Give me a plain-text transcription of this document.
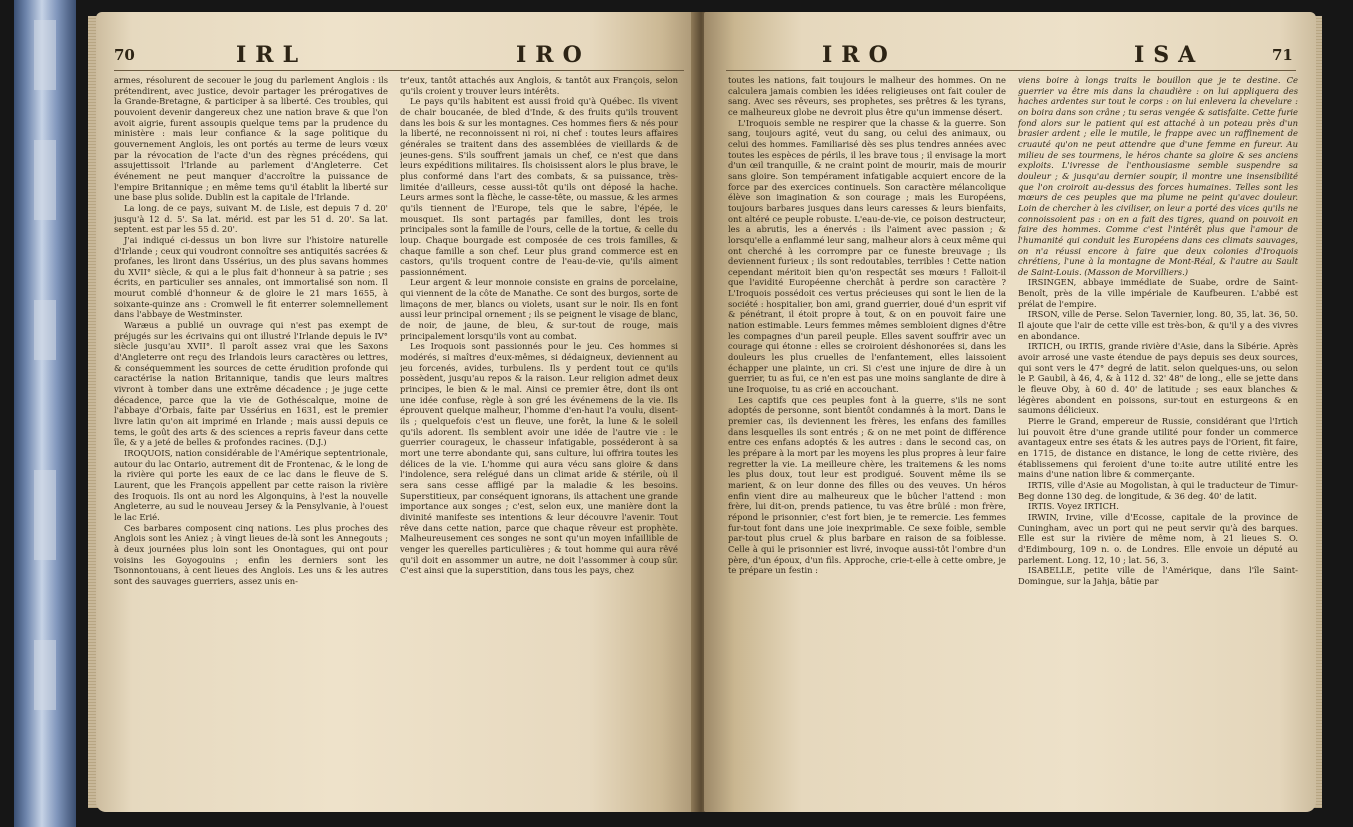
70	IRL	IRO

armes, résolurent de secouer le joug du parlement Anglois : ils prétendirent, avec justice, devoir partager les prérogatives de la Grande-Bretagne, & participer à sa liberté. Ces troubles, qui pouvoient devenir dangereux chez une nation brave & que l'on avoit aigrie, furent assoupis quelque tems par la prudence du ministère : mais leur confiance & la sage politique du gouvernement Anglois, les ont portés au terme de leurs vœux par la révocation de l'acte d'un des règnes précédens, qui assujettissoit l'Irlande au parlement d'Angleterre. Cet événement ne peut manquer d'accroître la puissance de l'empire Britannique ; en même tems qu'il établit la liberté sur une base plus solide. Dublin est la capitale de l'Irlande.

La long. de ce pays, suivant M. de Lisle, est depuis 7 d. 20' jusqu'à 12 d. 5'. Sa lat. mérid. est par les 51 d. 20'. Sa lat. septent. est par les 55 d. 20'.

J'ai indiqué ci-dessus un bon livre sur l'histoire naturelle d'Irlande ; ceux qui voudront connoître ses antiquités sacrées & profanes, les liront dans Ussérius, un des plus savans hommes du XVII° siècle, & qui a le plus fait d'honneur à sa patrie ; ses écrits, en particulier ses annales, ont immortalisé son nom. Il mourut comblé d'honneur & de gloire le 21 mars 1655, à soixante-quinze ans : Cromwell le fit enterrer solemnellement dans l'abbaye de Westminster.

Waræus a publié un ouvrage qui n'est pas exempt de préjugés sur les écrivains qui ont illustré l'Irlande depuis le IV° siècle jusqu'au XVII°. Il paroît assez vrai que les Saxons d'Angleterre ont reçu des Irlandois leurs caractères ou lettres, & conséquemment les sources de cette érudition profonde qui caractérise la nation Britannique, tandis que leurs maîtres vivront à tomber dans une extrême décadence ; je juge cette décadence, parce que la vie de Gothéscalque, moine de l'abbaye d'Orbais, faite par Ussérius en 1631, est le premier livre latin qu'on ait imprimé en Irlande ; mais aussi depuis ce tems, le goût des arts & des sciences a repris faveur dans cette île, & y a jeté de belles & profondes racines. (D.J.)

IROQUOIS, nation considérable de l'Amérique septentrionale, autour du lac Ontario, autrement dit de Frontenac, & le long de la rivière qui porte les eaux de ce lac dans le fleuve de S. Laurent, que les François appellent par cette raison la rivière des Iroquois. Ils ont au nord les Algonquins, à l'est la nouvelle Angleterre, au sud le nouveau Jersey & la Pensylvanie, à l'ouest le lac Erié.

Ces barbares composent cinq nations. Les plus proches des Anglois sont les Aniez ; à vingt lieues de-là sont les Annegouts ; à deux journées plus loin sont les Onontagues, qui ont pour voisins les Goyogouins ; enfin les derniers sont les Tsonnontouans, à cent lieues des Anglois. Les uns & les autres sont des sauvages guerriers, assez unis en-

tr'eux, tantôt attachés aux Anglois, & tantôt aux François, selon qu'ils croient y trouver leurs intérêts.

Le pays qu'ils habitent est aussi froid qu'à Québec. Ils vivent de chair boucanée, de bled d'Inde, & des fruits qu'ils trouvent dans les bois & sur les montagnes. Ces hommes fiers & nés pour la liberté, ne reconnoissent ni roi, ni chef : toutes leurs affaires générales se traitent dans des assemblées de vieillards & de jeunes-gens. S'ils souffrent jamais un chef, ce n'est que dans leurs expéditions militaires. Ils choisissent alors le plus brave, le plus conformé dans l'art des combats, & sa puissance, très-limitée d'ailleurs, cesse aussi-tôt qu'ils ont déposé la hache. Leurs armes sont la flèche, le casse-tête, ou massue, & les armes qu'ils tiennent de l'Europe, tels que le sabre, l'épée, le mousquet. Ils sont partagés par familles, dont les trois principales sont la famille de l'ours, celle de la tortue, & celle du loup. Chaque bourgade est composée de ces trois familles, & chaque famille a son chef. Leur plus grand commerce est en castors, qu'ils troquent contre de l'eau-de-vie, qu'ils aiment passionnément.

Leur argent & leur monnoie consiste en grains de porcelaine, qui viennent de la côte de Manathe. Ce sont des burgos, sorte de limaçons de mer, blancs ou violets, usant sur le noir. Ils en font aussi leur principal ornement ; ils se peignent le visage de blanc, de noir, de jaune, de bleu, & sur-tout de rouge, mais principalement lorsqu'ils vont au combat.

Les Iroquois sont passionnés pour le jeu. Ces hommes si modérés, si maîtres d'eux-mêmes, si dédaigneux, deviennent au jeu forcenés, avides, turbulens. Ils y perdent tout ce qu'ils possèdent, jusqu'au repos & la raison. Leur religion admet deux principes, le bien & le mal. Ainsi ce premier être, dont ils ont une idée confuse, règle à son gré les événemens de la vie. Ils éprouvent quelque malheur, l'homme d'en-haut l'a voulu, disent-ils ; quelquefois c'est un fleuve, une forêt, la lune & le soleil qu'ils adorent. Ils semblent avoir une idée de l'autre vie : le guerrier courageux, le chasseur infatigable, posséderont à sa mort une terre abondante qui, sans culture, lui offrira toutes les délices de la vie. L'homme qui aura vécu sans gloire & dans l'indolence, sera relégué dans un climat aride & stérile, où il sera sans cesse affligé par la maladie & les besoins. Superstitieux, par conséquent ignorans, ils attachent une grande importance aux songes ; c'est, selon eux, une manière dont la divinité manifeste ses intentions & leur découvre l'avenir. Tout rêve dans cette nation, parce que chaque rêveur est prophète. Malheureusement ces songes ne sont qu'un moyen infaillible de venger les querelles particulières ; & tout homme qui aura rêvé qu'il doit en assommer un autre, ne doit l'assommer à coup sûr. C'est ainsi que la superstition, dans tous les pays, chez

IRO	ISA	71

toutes les nations, fait toujours le malheur des hommes. On ne calculera jamais combien les idées religieuses ont fait couler de sang. Avec ses rêveurs, ses prophetes, ses prêtres & les tyrans, ce malheureux globe ne devroit plus être qu'un immense désert.

L'Iroquois semble ne respirer que la chasse & la guerre. Son sang, toujours agité, veut du sang, ou celui des animaux, ou celui des hommes. Familiarisé dès ses plus tendres années avec toutes les espèces de périls, il les brave tous ; il envisage la mort d'un œil tranquille, & ne craint point de mourir, mais de mourir sans gloire. Son tempérament infatigable acquiert encore de la force par des exercices continuels. Son caractère mélancolique élève son imagination & son courage ; mais les Européens, toujours barbares jusques dans leurs caresses & leurs bienfaits, ont altéré ce peuple robuste. L'eau-de-vie, ce poison destructeur, les a abrutis, les a énervés : ils l'aiment avec passion ; & lorsqu'elle a enflammé leur sang, malheur alors à ceux même qui ont cherché à les corrompre par ce funeste breuvage ; ils deviennent furieux ; ils sont redoutables, terribles ! Cette nation cependant méritoit bien qu'on respectât ses mœurs ! Falloit-il que l'avidité Européenne cherchât à perdre son caractère ? L'Iroquois possédoit ces vertus précieuses qui sont le lien de la société : hospitalier, bon ami, grand guerrier, doué d'un esprit vif & pénétrant, il étoit propre à tout, & on en pouvoit faire une nation estimable. Leurs femmes mêmes sembloient dignes d'être les compagnes d'un pareil peuple. Elles savent souffrir avec un courage qui étonne : elles se croiroient déshonorées si, dans les douleurs les plus cruelles de l'enfantement, elles laissoient échapper une plainte, un cri. Si c'est une injure de dire à un guerrier, tu as fui, ce n'en est pas une moins sanglante de dire à une Iroquoise, tu as crié en accouchant.

Les captifs que ces peuples font à la guerre, s'ils ne sont adoptés de personne, sont bientôt condamnés à la mort. Dans le premier cas, ils deviennent les frères, les enfans des familles dans lesquelles ils sont entrés ; & on ne met point de différence entre ces enfans adoptés & les autres : dans le second cas, on les prépare à la mort par les moyens les plus propres à leur faire regretter la vie. La meilleure chère, les traitemens & les noms les plus doux, tout leur est prodigué. Souvent même ils se marient, & on leur donne des filles ou des veuves. Un héros enfin vient dire au malheureux que le bûcher l'attend : mon frère, lui dit-on, prends patience, tu vas être brûlé : mon frère, répond le prisonnier, c'est fort bien, je te remercie. Les femmes fur-tout font dans une joie inexprimable. Ce sexe foible, semble par-tout plus cruel & plus barbare en raison de sa foiblesse. Celle à qui le prisonnier est livré, invoque aussi-tôt l'ombre d'un père, d'un époux, d'un fils. Approche, crie-t-elle à cette ombre, je te prépare un festin :

viens boire à longs traits le bouillon que je te destine. Ce guerrier va être mis dans la chaudière : on lui appliquera des haches ardentes sur tout le corps : on lui enlevera la chevelure : on boira dans son crâne ; tu seras vengée & satisfaite. Cette furie fond alors sur le patient qui est attaché à un poteau près d'un brasier ardent ; elle le mutile, le frappe avec un raffinement de cruauté qu'on ne peut attendre que d'une femme en fureur. Au milieu de ses tourmens, le héros chante sa gloire & ses anciens exploits. L'ivresse de l'enthousiasme semble suspendre sa douleur ; & jusqu'au dernier soupir, il montre une insensibilité que l'on croiroit au-dessus des forces humaines. Telles sont les mœurs de ces peuples que ma plume ne peint qu'avec douleur. Loin de chercher à les civiliser, on leur a porté des vices qu'ils ne connoissoient pas : on en a fait des tigres, quand on pouvoit en faire des hommes. Comme c'est l'intérêt plus que l'amour de l'humanité qui conduit les Européens dans ces climats sauvages, on n'a réussi encore à faire que deux colonies d'Iroquois chrétiens, l'une à la montagne de Mont-Réal, & l'autre au Sault de Saint-Louis. (Masson de Morvilliers.)

IRSINGEN, abbaye immédiate de Suabe, ordre de Saint-Benoît, près de la ville impériale de Kaufbeuren. L'abbé est prélat de l'empire.

IRSON, ville de Perse. Selon Tavernier, long. 80, 35, lat. 36, 50. Il ajoute que l'air de cette ville est très-bon, & qu'il y a des vivres en abondance.

IRTICH, ou IRTIS, grande rivière d'Asie, dans la Sibérie. Après avoir arrosé une vaste étendue de pays depuis ses deux sources, qui sont vers le 47° degré de latit. selon quelques-uns, ou selon le P. Gaubil, à 46, 4, & à 112 d. 32' 48" de long., elle se jette dans le fleuve Oby, à 60 d. 40' de latitude ; ses eaux blanches & légères abondent en poissons, sur-tout en esturgeons & en saumons délicieux.

Pierre le Grand, empereur de Russie, considérant que l'Irtich lui pouvoit être d'une grande utilité pour fonder un commerce avantageux entre ses états & les autres pays de l'Orient, fit faire, en 1715, de distance en distance, le long de cette rivière, des établissemens qui feroient d'une to:ite autre utilité entre les mains d'une nation libre & commerçante.

IRTIS, ville d'Asie au Mogolistan, à qui le traducteur de Timur-Beg donne 130 deg. de longitude, & 36 deg. 40' de latit.

IRTIS. Voyez IRTICH.

IRWIN, Irvine, ville d'Ecosse, capitale de la province de Cuningham, avec un port qui ne peut servir qu'à des barques. Elle est sur la rivière de même nom, à 21 lieues S. O. d'Edimbourg, 109 n. o. de Londres. Elle envoie un député au parlement. Long. 12, 10 ; lat. 56, 3.

ISABELLE, petite ville de l'Amérique, dans l'île Saint-Domingue, sur la Jahja, bâtie par
